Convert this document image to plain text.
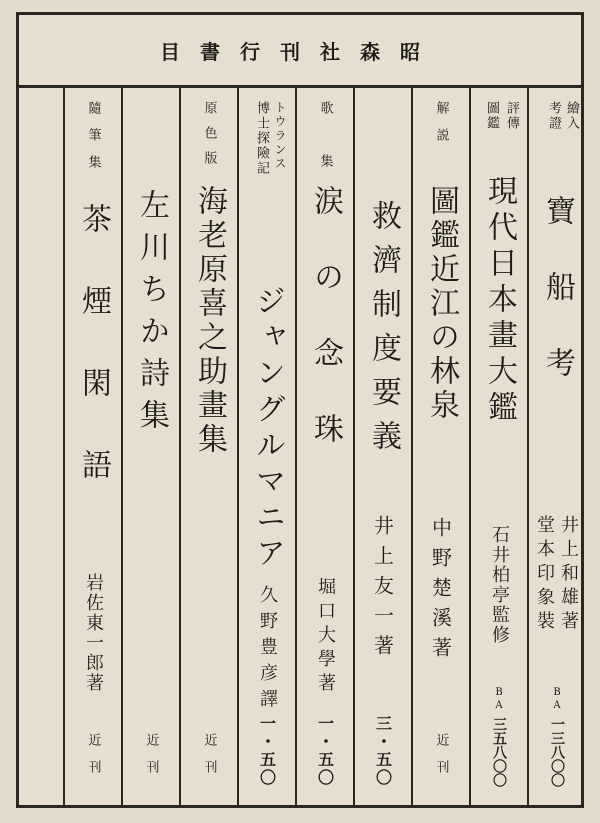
昭森社刊行書目
繪入
考證
寶船考
井上和雄著
堂本印象裝
BA
一三八〇〇
評傳
圖鑑
現代日本畫大鑑
石井柏亭監修
BA
三五八〇〇
解説
圖鑑近江の林泉
中野楚溪著
近刊
救濟制度要義
井上友一著
三・五〇
歌集
涙の念珠
堀口大學著
一・五〇
トウランス
博士探險記
ジャングルマニア
久野豊彦譯
一・五〇
原色版
海老原喜之助畫集
近刊
左川ちか詩集
近刊
隨筆集
茶煙閑語
岩佐東一郎著
近刊
